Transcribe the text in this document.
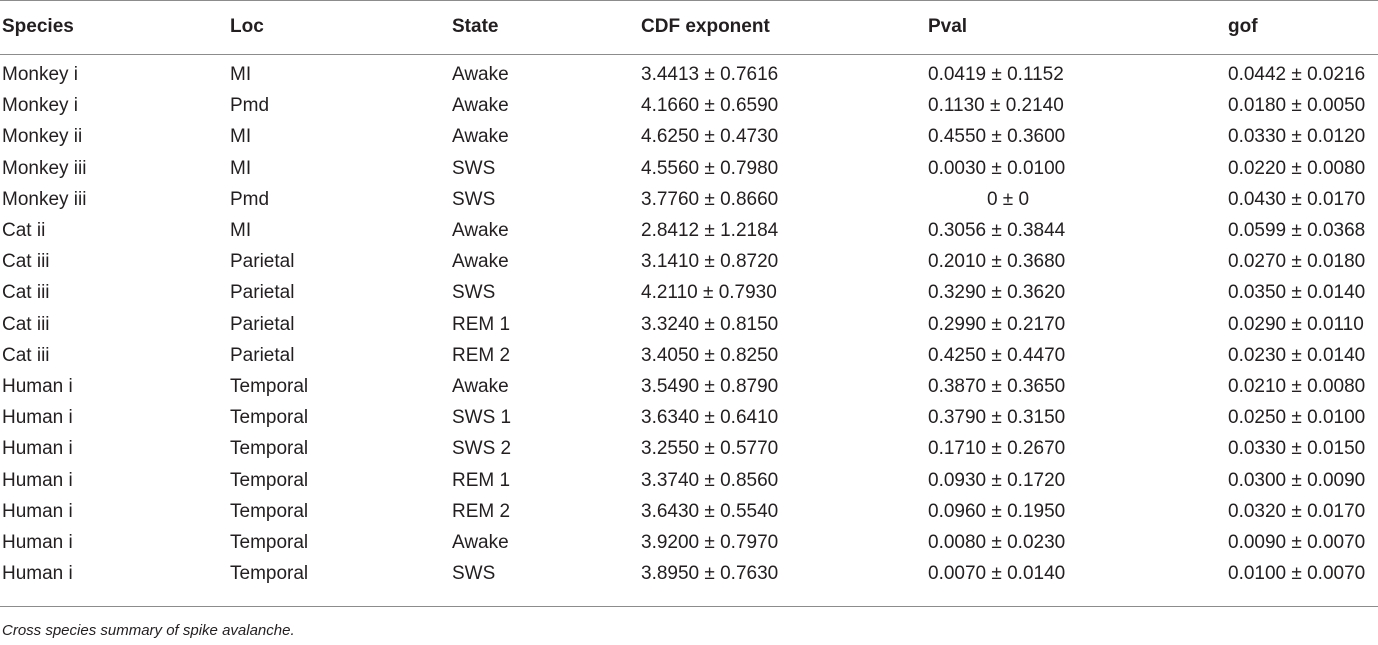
Species	Loc	State	CDF exponent	Pval	gof
Monkey i	MI	Awake	3.4413 ± 0.7616	0.0419 ± 0.1152	0.0442 ± 0.0216
Monkey i	Pmd	Awake	4.1660 ± 0.6590	0.1130 ± 0.2140	0.0180 ± 0.0050
Monkey ii	MI	Awake	4.6250 ± 0.4730	0.4550 ± 0.3600	0.0330 ± 0.0120
Monkey iii	MI	SWS	4.5560 ± 0.7980	0.0030 ± 0.0100	0.0220 ± 0.0080
Monkey iii	Pmd	SWS	3.7760 ± 0.8660	0 ± 0	0.0430 ± 0.0170
Cat ii	MI	Awake	2.8412 ± 1.2184	0.3056 ± 0.3844	0.0599 ± 0.0368
Cat iii	Parietal	Awake	3.1410 ± 0.8720	0.2010 ± 0.3680	0.0270 ± 0.0180
Cat iii	Parietal	SWS	4.2110 ± 0.7930	0.3290 ± 0.3620	0.0350 ± 0.0140
Cat iii	Parietal	REM 1	3.3240 ± 0.8150	0.2990 ± 0.2170	0.0290 ± 0.0110
Cat iii	Parietal	REM 2	3.4050 ± 0.8250	0.4250 ± 0.4470	0.0230 ± 0.0140
Human i	Temporal	Awake	3.5490 ± 0.8790	0.3870 ± 0.3650	0.0210 ± 0.0080
Human i	Temporal	SWS 1	3.6340 ± 0.6410	0.3790 ± 0.3150	0.0250 ± 0.0100
Human i	Temporal	SWS 2	3.2550 ± 0.5770	0.1710 ± 0.2670	0.0330 ± 0.0150
Human i	Temporal	REM 1	3.3740 ± 0.8560	0.0930 ± 0.1720	0.0300 ± 0.0090
Human i	Temporal	REM 2	3.6430 ± 0.5540	0.0960 ± 0.1950	0.0320 ± 0.0170
Human i	Temporal	Awake	3.9200 ± 0.7970	0.0080 ± 0.0230	0.0090 ± 0.0070
Human i	Temporal	SWS	3.8950 ± 0.7630	0.0070 ± 0.0140	0.0100 ± 0.0070
Cross species summary of spike avalanche.
